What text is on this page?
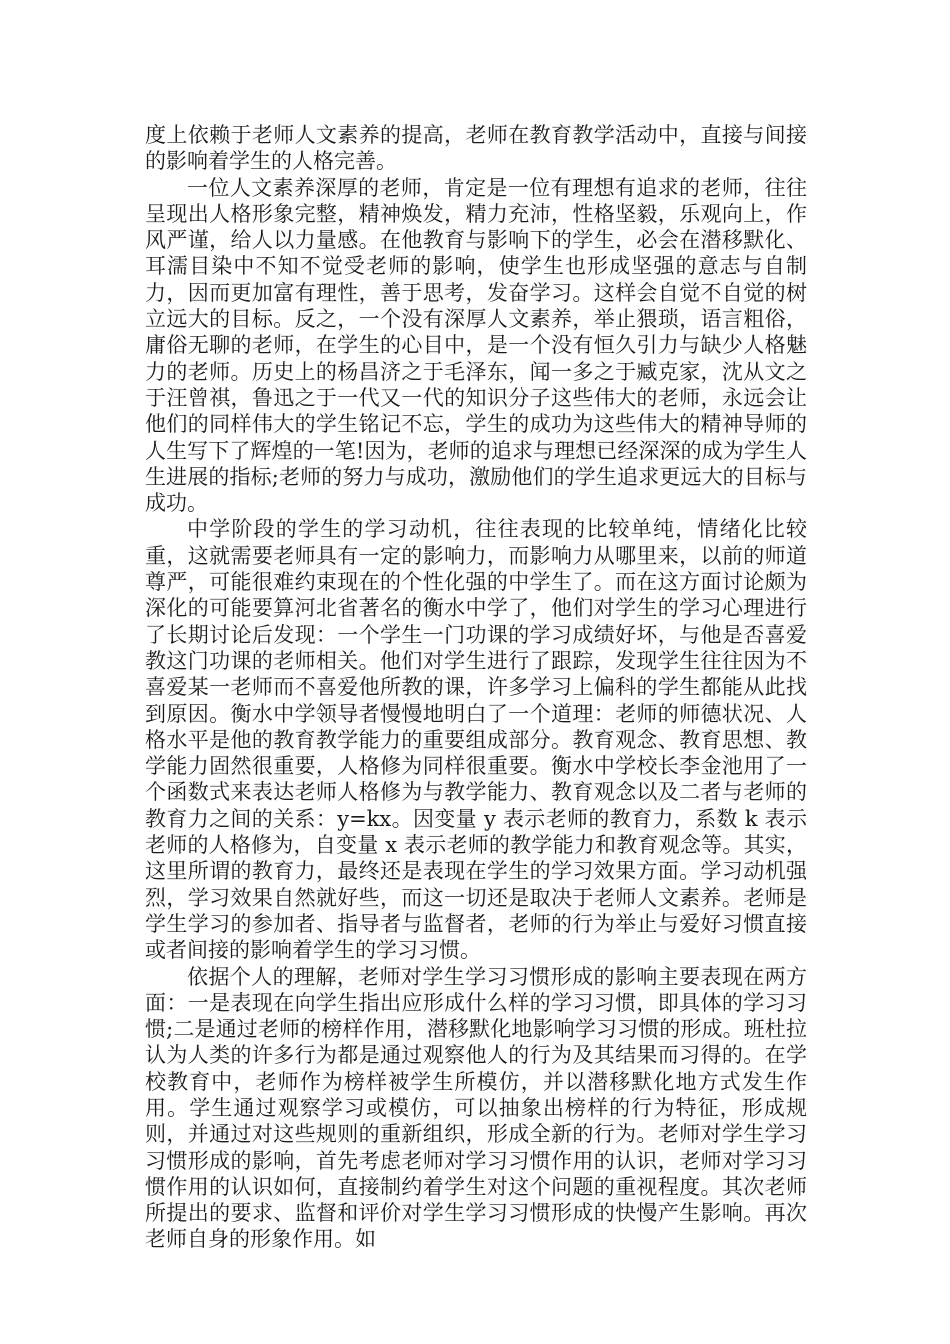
度上依赖于老师人文素养的提高，老师在教育教学活动中，直接与间接的影响着学生的人格完善。

一位人文素养深厚的老师，肯定是一位有理想有追求的老师，往往呈现出人格形象完整，精神焕发，精力充沛，性格坚毅，乐观向上，作风严谨，给人以力量感。在他教育与影响下的学生，必会在潜移默化、耳濡目染中不知不觉受老师的影响，使学生也形成坚强的意志与自制力，因而更加富有理性，善于思考，发奋学习。这样会自觉不自觉的树立远大的目标。反之，一个没有深厚人文素养，举止猥琐，语言粗俗，庸俗无聊的老师，在学生的心目中，是一个没有恒久引力与缺少人格魅力的老师。历史上的杨昌济之于毛泽东，闻一多之于臧克家，沈从文之于汪曾祺，鲁迅之于一代又一代的知识分子这些伟大的老师，永远会让他们的同样伟大的学生铭记不忘，学生的成功为这些伟大的精神导师的人生写下了辉煌的一笔!因为，老师的追求与理想已经深深的成为学生人生进展的指标;老师的努力与成功，激励他们的学生追求更远大的目标与成功。

中学阶段的学生的学习动机，往往表现的比较单纯，情绪化比较重，这就需要老师具有一定的影响力，而影响力从哪里来，以前的师道尊严，可能很难约束现在的个性化强的中学生了。而在这方面讨论颇为深化的可能要算河北省著名的衡水中学了，他们对学生的学习心理进行了长期讨论后发现：一个学生一门功课的学习成绩好坏，与他是否喜爱教这门功课的老师相关。他们对学生进行了跟踪，发现学生往往因为不喜爱某一老师而不喜爱他所教的课，许多学习上偏科的学生都能从此找到原因。衡水中学领导者慢慢地明白了一个道理：老师的师德状况、人格水平是他的教育教学能力的重要组成部分。教育观念、教育思想、教学能力固然很重要，人格修为同样很重要。衡水中学校长李金池用了一个函数式来表达老师人格修为与教学能力、教育观念以及二者与老师的教育力之间的关系：y=kx。因变量 y 表示老师的教育力，系数 k 表示老师的人格修为，自变量 x 表示老师的教学能力和教育观念等。其实，这里所谓的教育力，最终还是表现在学生的学习效果方面。学习动机强烈，学习效果自然就好些，而这一切还是取决于老师人文素养。老师是学生学习的参加者、指导者与监督者，老师的行为举止与爱好习惯直接或者间接的影响着学生的学习习惯。

依据个人的理解，老师对学生学习习惯形成的影响主要表现在两方面：一是表现在向学生指出应形成什么样的学习习惯，即具体的学习习惯;二是通过老师的榜样作用，潜移默化地影响学习习惯的形成。班杜拉认为人类的许多行为都是通过观察他人的行为及其结果而习得的。在学校教育中，老师作为榜样被学生所模仿，并以潜移默化地方式发生作用。学生通过观察学习或模仿，可以抽象出榜样的行为特征，形成规则，并通过对这些规则的重新组织，形成全新的行为。老师对学生学习习惯形成的影响，首先考虑老师对学习习惯作用的认识，老师对学习习惯作用的认识如何，直接制约着学生对这个问题的重视程度。其次老师所提出的要求、监督和评价对学生学习习惯形成的快慢产生影响。再次老师自身的形象作用。如
